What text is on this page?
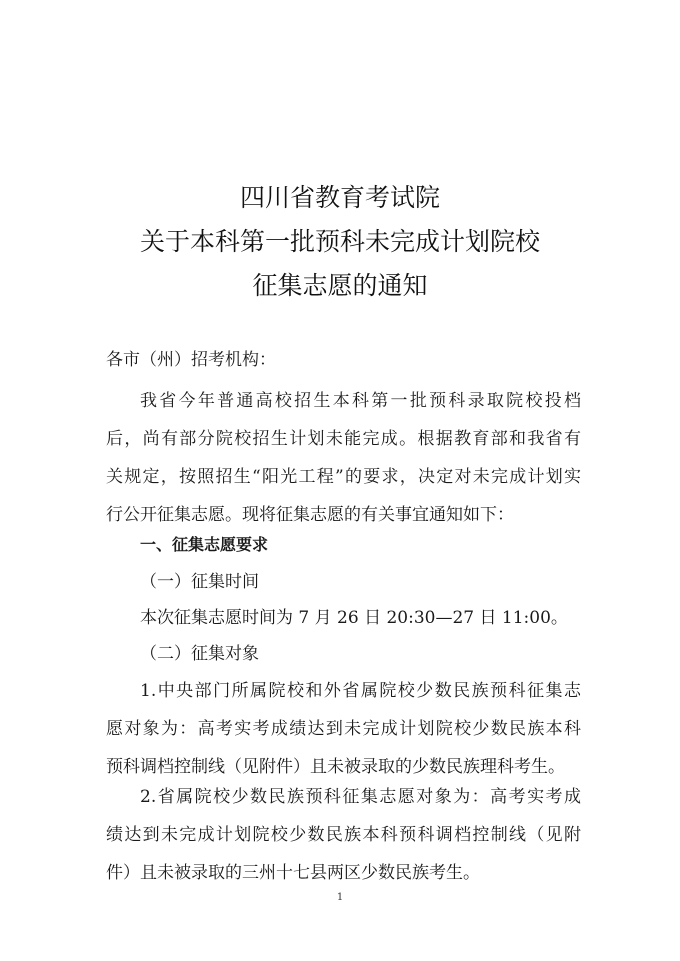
四川省教育考试院
关于本科第一批预科未完成计划院校
征集志愿的通知
各市（州）招考机构：
我省今年普通高校招生本科第一批预科录取院校投档
后，尚有部分院校招生计划未能完成。根据教育部和我省有
关规定，按照招生“阳光工程”的要求，决定对未完成计划实
行公开征集志愿。现将征集志愿的有关事宜通知如下：
一、征集志愿要求
（一）征集时间
本次征集志愿时间为 7 月 26 日 20:30—27 日 11:00。
（二）征集对象
1.中央部门所属院校和外省属院校少数民族预科征集志
愿对象为：高考实考成绩达到未完成计划院校少数民族本科
预科调档控制线（见附件）且未被录取的少数民族理科考生。
2.省属院校少数民族预科征集志愿对象为：高考实考成
绩达到未完成计划院校少数民族本科预科调档控制线（见附
件）且未被录取的三州十七县两区少数民族考生。
1
